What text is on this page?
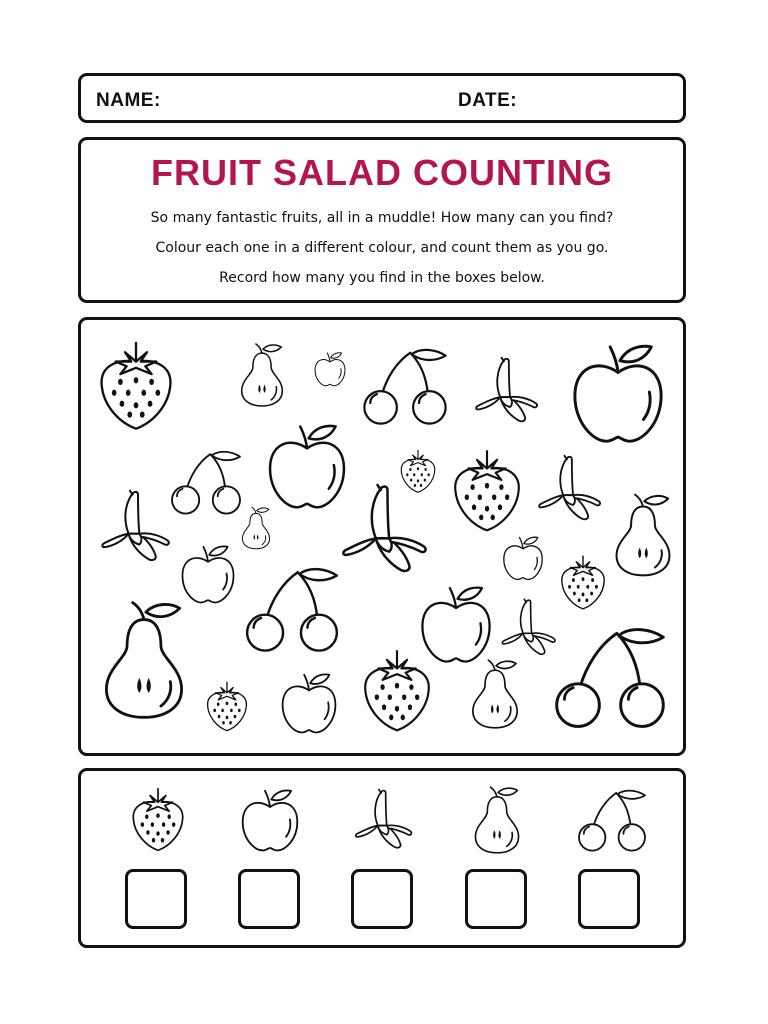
NAME:	DATE:
FRUIT SALAD COUNTING
So many fantastic fruits, all in a muddle! How many can you find?
Colour each one in a different colour, and count them as you go.
Record how many you find in the boxes below.
